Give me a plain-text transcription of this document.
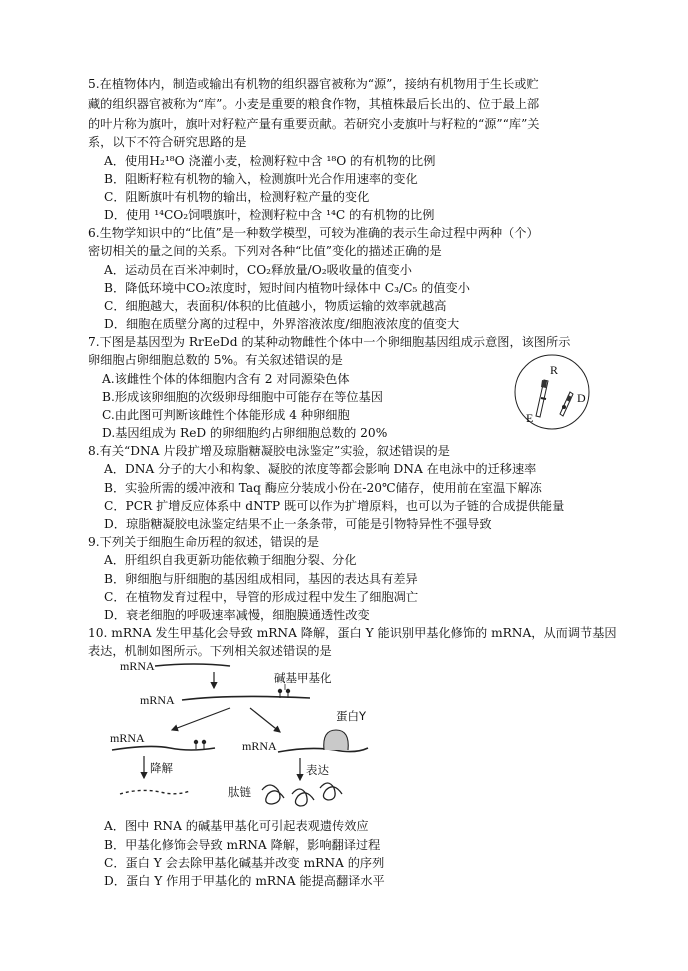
5.在植物体内，制造或输出有机物的组织器官被称为“源”，接纳有机物用于生长或贮
藏的组织器官被称为“库”。小麦是重要的粮食作物，其植株最后长出的、位于最上部
的叶片称为旗叶，旗叶对籽粒产量有重要贡献。若研究小麦旗叶与籽粒的“源”“库”关
系，以下不符合研究思路的是
A．使用H₂¹⁸O 浇灌小麦，检测籽粒中含 ¹⁸O 的有机物的比例
B．阻断籽粒有机物的输入，检测旗叶光合作用速率的变化
C．阻断旗叶有机物的输出，检测籽粒产量的变化
D．使用 ¹⁴CO₂饲喂旗叶，检测籽粒中含 ¹⁴C 的有机物的比例
6.生物学知识中的“比值”是一种数学模型，可较为准确的表示生命过程中两种（个）
密切相关的量之间的关系。下列对各种“比值”变化的描述正确的是
A．运动员在百米冲刺时，CO₂释放量/O₂吸收量的值变小
B．降低环境中CO₂浓度时，短时间内植物叶绿体中 C₃/C₅ 的值变小
C．细胞越大，表面积/体积的比值越小，物质运输的效率就越高
D．细胞在质壁分离的过程中，外界溶液浓度/细胞液浓度的值变大
7.下图是基因型为 RrEeDd 的某种动物雌性个体中一个卵细胞基因组成示意图，该图所示
卵细胞占卵细胞总数的 5%。有关叙述错误的是
A.该雌性个体的体细胞内含有 2 对同源染色体
B.形成该卵细胞的次级卵母细胞中可能存在等位基因
C.由此图可判断该雌性个体能形成 4 种卵细胞
D.基因组成为 ReD 的卵细胞约占卵细胞总数的 20%
R
D
E
8.有关“DNA 片段扩增及琼脂糖凝胶电泳鉴定”实验，叙述错误的是
A．DNA 分子的大小和构象、凝胶的浓度等都会影响 DNA 在电泳中的迁移速率
B．实验所需的缓冲液和 Taq 酶应分装成小份在-20℃储存，使用前在室温下解冻
C．PCR 扩增反应体系中 dNTP 既可以作为扩增原料，也可以为子链的合成提供能量
D．琼脂糖凝胶电泳鉴定结果不止一条条带，可能是引物特异性不强导致
9.下列关于细胞生命历程的叙述，错误的是
A．肝组织自我更新功能依赖于细胞分裂、分化
B．卵细胞与肝细胞的基因组成相同，基因的表达具有差异
C．在植物发育过程中，导管的形成过程中发生了细胞凋亡
D．衰老细胞的呼吸速率减慢，细胞膜通透性改变
10. mRNA 发生甲基化会导致 mRNA 降解，蛋白 Y 能识别甲基化修饰的 mRNA，从而调节基因
表达，机制如图所示。下列相关叙述错误的是
mRNA
碱基甲基化
mRNA
mRNA
降解
mRNA
蛋白Y
表达
肽链
A．图中 RNA 的碱基甲基化可引起表观遗传效应
B．甲基化修饰会导致 mRNA 降解，影响翻译过程
C．蛋白 Y 会去除甲基化碱基并改变 mRNA 的序列
D．蛋白 Y 作用于甲基化的 mRNA 能提高翻译水平
